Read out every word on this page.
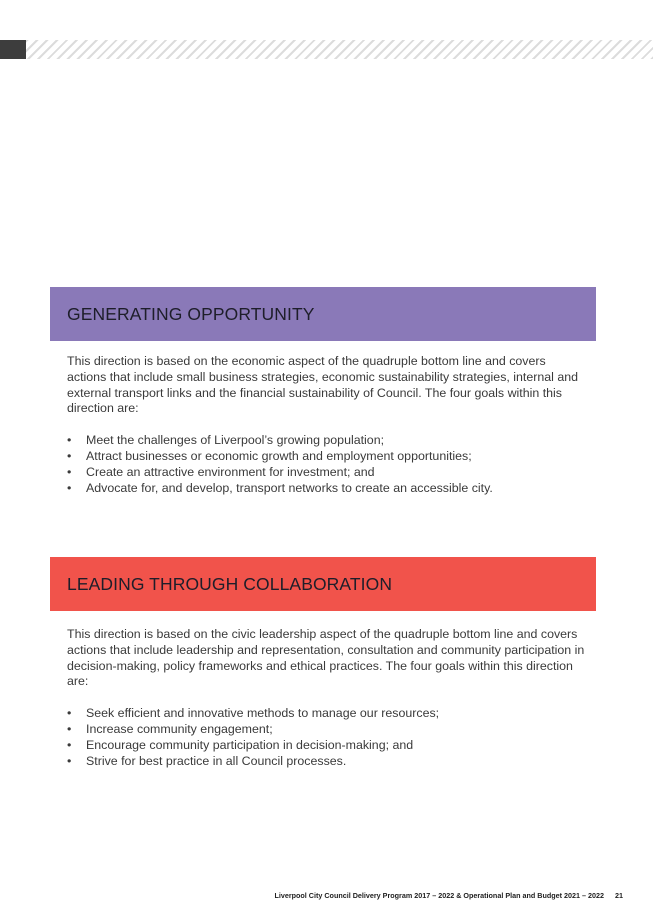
GENERATING OPPORTUNITY

This direction is based on the economic aspect of the quadruple bottom line and covers actions that include small business strategies, economic sustainability strategies, internal and external transport links and the financial sustainability of Council. The four goals within this direction are:

• Meet the challenges of Liverpool’s growing population;
• Attract businesses or economic growth and employment opportunities;
• Create an attractive environment for investment; and
• Advocate for, and develop, transport networks to create an accessible city.
LEADING THROUGH COLLABORATION

This direction is based on the civic leadership aspect of the quadruple bottom line and covers actions that include leadership and representation, consultation and community participation in decision-making, policy frameworks and ethical practices. The four goals within this direction are:

• Seek efficient and innovative methods to manage our resources;
• Increase community engagement;
• Encourage community participation in decision-making; and
• Strive for best practice in all Council processes.
Liverpool City Council Delivery Program 2017 – 2022 & Operational Plan and Budget 2021 – 2022 21
